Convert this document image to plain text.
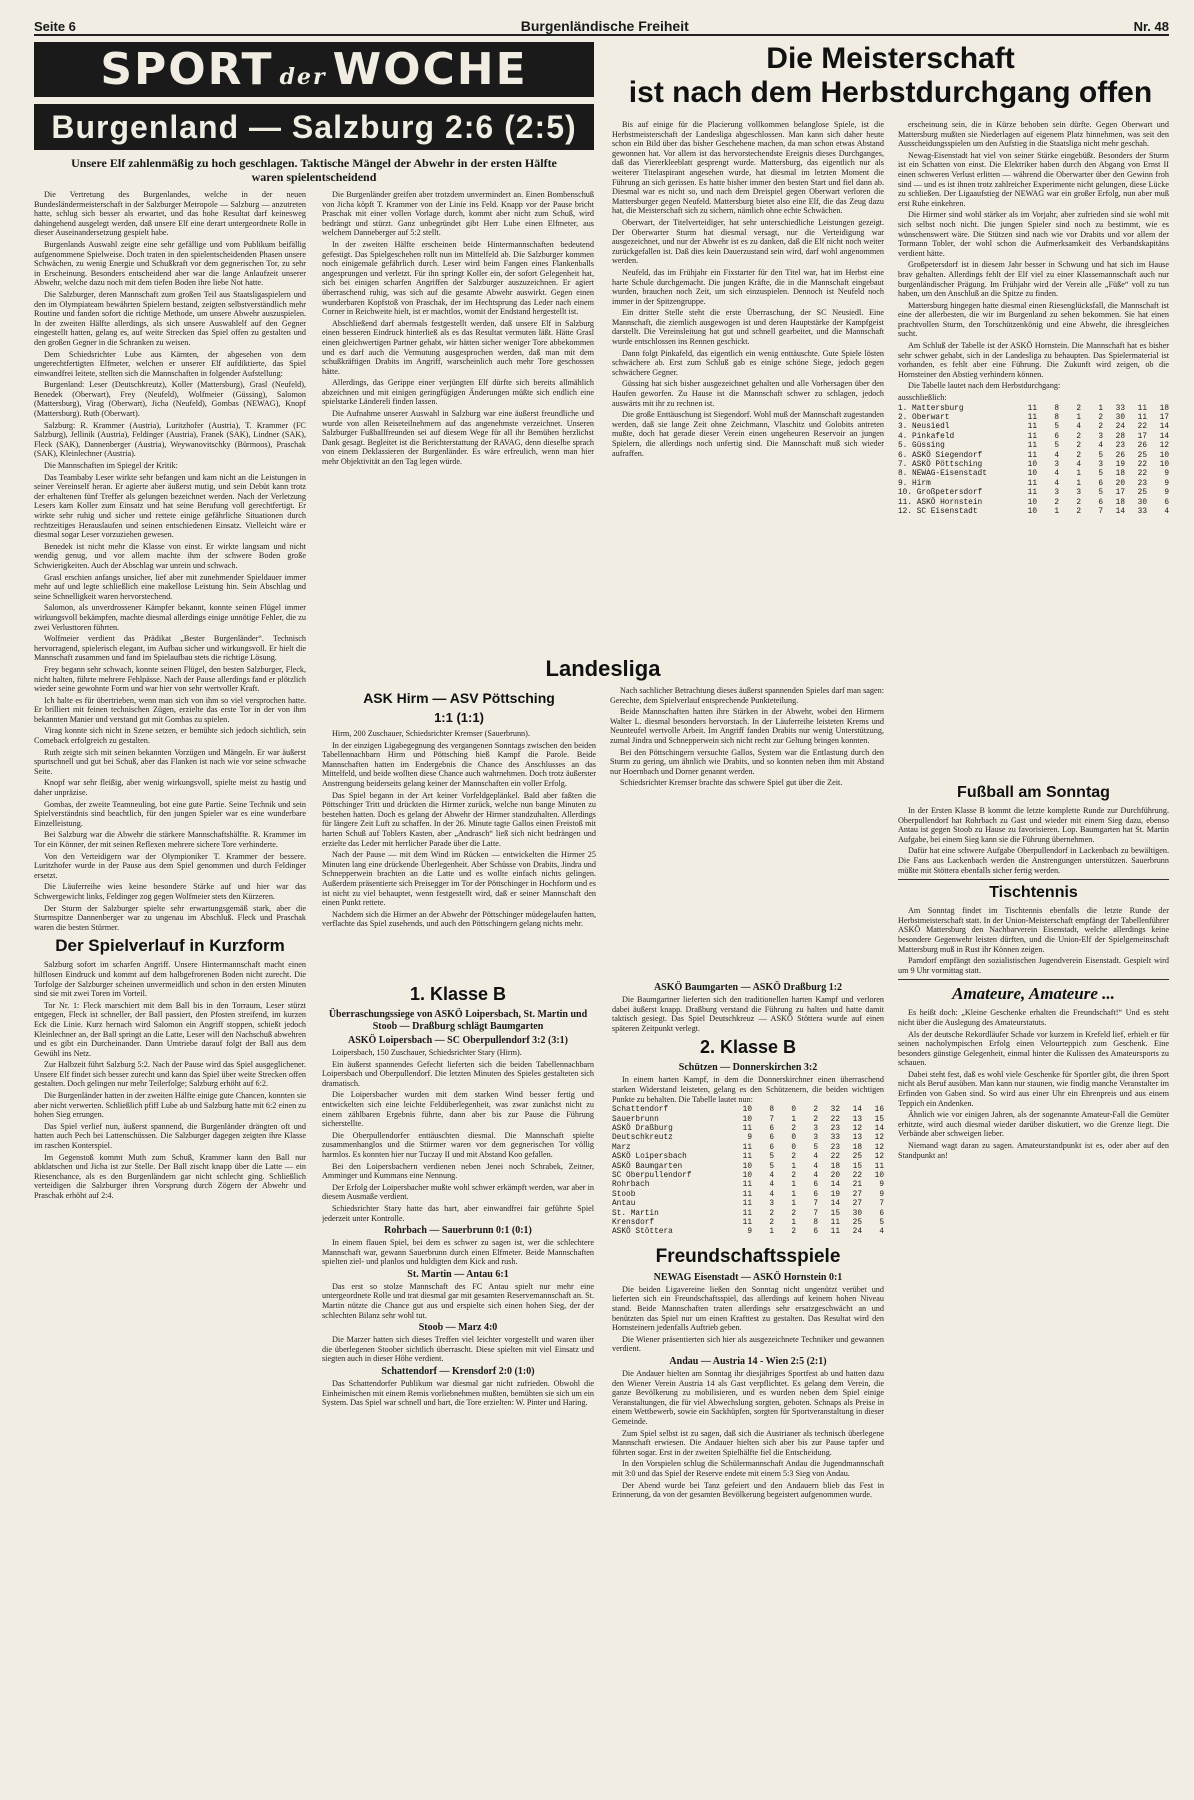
Seite 6	Burgenländische Freiheit	Nr. 48
SPORT der WOCHE	Die Meisterschaft
ist nach dem Herbstdurchgang offen
Burgenland — Salzburg 2:6 (2:5)
Unsere Elf zahlenmäßig zu hoch geschlagen. Taktische Mängel der Abwehr in der ersten Hälfte waren spielentscheidend

Die Vertretung des Burgenlandes, welche in der neuen Bundesländermeisterschaft in der Salzburger Metropole — Salzburg — anzutreten hatte, schlug sich besser als erwartet, und das hohe Resultat darf keinesweg dahingehend ausgelegt werden, daß unsere Elf eine derart untergeordnete Rolle in dieser Auseinandersetzung gespielt habe.

Burgenlands Auswahl zeigte eine sehr gefällige und vom Publikum beifällig aufgenommene Spielweise. Doch traten in den spielentscheidenden Phasen unsere Schwächen, zu wenig Energie und Schußkraft vor dem gegnerischen Tor, zu sehr in Erscheinung. Besonders entscheidend aber war die lange Anlaufzeit unserer Abwehr, welche dazu noch mit dem tiefen Boden ihre liebe Not hatte.

Die Salzburger, deren Mannschaft zum großen Teil aus Staatsligaspielern und den im Olympiateam bewährten Spielern bestand, zeigten selbstverständlich mehr Routine und fanden sofort die richtige Methode, um unsere Abwehr auszuspielen. In der zweiten Hälfte allerdings, als sich unsere Auswahlelf auf den Gegner eingestellt hatten, gelang es, auf weite Strecken das Spiel offen zu gestalten und den großen Gegner in die Schranken zu weisen.

Dem Schiedsrichter Lube aus Kärnten, der abgesehen von dem ungerechtfertigten Elfmeter, welchen er unserer Elf aufdiktierte, das Spiel einwandfrei leitete, stellten sich die Mannschaften in folgender Aufstellung:

Burgenland: Leser (Deutschkreutz), Koller (Mattersburg), Grasl (Neufeld), Benedek (Oberwart), Frey (Neufeld), Wolfmeier (Güssing), Salomon (Mattersburg), Virag (Oberwart), Jicha (Neufeld), Gombas (NEWAG), Knopf (Mattersburg). Ruth (Oberwart).

Salzburg: R. Krammer (Austria), Luritzhofer (Austria), T. Krammer (FC Salzburg), Jellinik (Austria), Feldinger (Austria), Franek (SAK), Lindner (SAK), Fleck (SAK), Dannenberger (Austria), Weywanovitschky (Bürmoos), Praschak (SAK), Kleinlechner (Austria).

Die Mannschaften im Spiegel der Kritik:

Das Teambaby Leser wirkte sehr befangen und kam nicht an die Leistungen in seiner Vereinself heran. Er agierte aber äußerst mutig, und sein Debüt kann trotz der erhaltenen fünf Treffer als gelungen bezeichnet werden. Nach der Verletzung Lesers kam Koller zum Einsatz und hat seine Berufung voll gerechtfertigt. Er wirkte sehr ruhig und sicher und rettete einige gefährliche Situationen durch rechtzeitiges Herauslaufen und seinen entschiedenen Einsatz. Vielleicht wäre er diesmal sogar Leser vorzuziehen gewesen.

Benedek ist nicht mehr die Klasse von einst. Er wirkte langsam und nicht wendig genug, und vor allem machte ihm der schwere Boden große Schwierigkeiten. Auch der Abschlag war unrein und schwach.

Grasl erschien anfangs unsicher, lief aber mit zunehmender Spieldauer immer mehr auf und legte schließlich eine makellose Leistung hin. Sein Abschlag und seine Schnelligkeit waren hervorstechend.

Salomon, als unverdrossener Kämpfer bekannt, konnte seinen Flügel immer wirkungsvoll bekämpfen, machte diesmal allerdings einige unnötige Fehler, die zu zwei Verlusttoren führten.

Wolfmeier verdient das Prädikat „Bester Burgenländer“. Technisch hervorragend, spielerisch elegant, im Aufbau sicher und wirkungsvoll. Er hielt die Mannschaft zusammen und fand im Spielaufbau stets die richtige Lösung.

Frey begann sehr schwach, konnte seinen Flügel, den besten Salzburger, Fleck, nicht halten, führte mehrere Fehlpässe. Nach der Pause allerdings fand er plötzlich wieder seine gewohnte Form und war hier von sehr wertvoller Kraft.

Ich halte es für übertrieben, wenn man sich von ihm so viel versprochen hatte. Er brilliert mit feinen technischen Zügen, erzielte das erste Tor in der von ihm bekannten Manier und verstand gut mit Gombas zu spielen.

Virag konnte sich nicht in Szene setzen, er bemühte sich jedoch sichtlich, sein Comeback erfolgreich zu gestalten.

Ruth zeigte sich mit seinen bekannten Vorzügen und Mängeln. Er war äußerst spurtschnell und gut bei Schuß, aber das Flanken ist nach wie vor seine schwache Seite.

Knopf war sehr fleißig, aber wenig wirkungsvoll, spielte meist zu hastig und daher unpräzise.

Gombas, der zweite Teamneuling, bot eine gute Partie. Seine Technik und sein Spielverständnis sind beachtlich, für den jungen Spieler war es eine wunderbare Einzelleistung.

Bei Salzburg war die Abwehr die stärkere Mannschaftshälfte. R. Krammer im Tor ein Könner, der mit seinen Reflexen mehrere sichere Tore verhinderte.

Von den Verteidigern war der Olympioniker T. Krammer der bessere. Luritzhofer wurde in der Pause aus dem Spiel genommen und durch Feldinger ersetzt.

Die Läuferreihe wies keine besondere Stärke auf und hier war das Schwergewicht links, Feldinger zog gegen Wolfmeier stets den Kürzeren.

Der Sturm der Salzburger spielte sehr erwartungsgemäß stark, aber die Sturmspitze Dannenberger war zu ungenau im Abschluß. Fleck und Praschak waren die besten Stürmer.

Der Spielverlauf in Kurzform

Salzburg sofort im scharfen Angriff. Unsere Hintermannschaft macht einen hilflosen Eindruck und kommt auf dem halbgefrorenen Boden nicht zurecht. Die Torfolge der Salzburger scheinen unvermeidlich und schon in den ersten Minuten sind sie mit zwei Toren im Vorteil.

Tor Nr. 1: Fleck marschiert mit dem Ball bis in den Torraum, Leser stürzt entgegen, Fleck ist schneller, der Ball passiert, den Pfosten streifend, im kurzen Eck die Linie. Kurz hernach wird Salomon ein Angriff stoppen, schießt jedoch Kleinlechner an, der Ball springt an die Latte, Leser will den Nachschuß abwehren und es gibt ein Durcheinander. Dann Umtriebe darauf folgt der Ball aus dem Gewühl ins Netz.

Zur Halbzeit führt Salzburg 5:2. Nach der Pause wird das Spiel ausgeglichener. Unsere Elf findet sich besser zurecht und kann das Spiel über weite Strecken offen gestalten. Doch gelingen nur mehr Teilerfolge; Salzburg erhöht auf 6:2.

Die Burgenländer hatten in der zweiten Hälfte einige gute Chancen, konnten sie aber nicht verwerten. Schließlich pfiff Lube ab und Salzburg hatte mit 6:2 einen zu hohen Sieg errungen.

Das Spiel verlief nun, äußerst spannend, die Burgenländer drängten oft und hatten auch Pech bei Lattenschüssen. Die Salzburger dagegen zeigten ihre Klasse im raschen Konterspiel.

Im Gegenstoß kommt Muth zum Schuß, Krammer kann den Ball nur abklatschen und Jicha ist zur Stelle. Der Ball zischt knapp über die Latte — ein Riesenchance, als es den Burgenländern gar nicht schlecht ging. Schließlich verteidigen die Salzburger ihren Vorsprung durch Zögern der Abwehr und Praschak erhöht auf 2:4.

Die Burgenländer greifen aber trotzdem unvermindert an. Einen Bombenschuß von Jicha köpft T. Krammer von der Linie ins Feld. Knapp vor der Pause bricht Praschak mit einer vollen Vorlage durch, kommt aber nicht zum Schuß, wird bedrängt und stürzt. Ganz unbegründet gibt Herr Lube einen Elfmeter, aus welchem Danneberger auf 5:2 stellt.

In der zweiten Hälfte erscheinen beide Hintermannschaften bedeutend gefestigt. Das Spielgeschehen rollt nun im Mittelfeld ab. Die Salzburger kommen noch einigemale gefährlich durch. Leser wird beim Fangen eines Flankenballs angesprungen und verletzt. Für ihn springt Koller ein, der sofort Gelegenheit hat, sich bei einigen scharfen Angriffen der Salzburger auszuzeichnen. Er agiert überraschend ruhig, was sich auf die gesamte Abwehr auswirkt. Gegen einen wunderbaren Kopfstoß von Praschak, der im Hechtsprung das Leder nach einem Corner in Reichweite hielt, ist er machtlos, womit der Endstand hergestellt ist.

Abschließend darf abermals festgestellt werden, daß unsere Elf in Salzburg einen besseren Eindruck hinterließ als es das Resultat vermuten läßt. Hätte Grasl einen gleichwertigen Partner gehabt, wir hätten sicher weniger Tore abbekommen und es darf auch die Vermutung ausgesprochen werden, daß man mit dem schußkräftigen Drabits im Angriff, warscheinlich auch mehr Tore geschossen hätte.

Allerdings, das Gerippe einer verjüngten Elf dürfte sich bereits allmählich abzeichnen und mit einigen geringfügigen Änderungen müßte sich endlich eine spielstarke Ländereli finden lassen.

Die Aufnahme unserer Auswahl in Salzburg war eine äußerst freundliche und wurde von allen Reiseteilnehmern auf das angenehmste verzeichnet. Unseren Salzburger Fußballfreunden sei auf diesem Wege für all ihr Bemühen herzlichst Dank gesagt. Begleitet ist die Berichterstattung der RAVAG, denn dieselbe sprach von einem Deklassieren der Burgenländer. Es wäre erfreulich, wenn man hier mehr Objektivität an den Tag legen würde.

Bis auf einige für die Placierung vollkommen belanglose Spiele, ist die Herbstmeisterschaft der Landesliga abgeschlossen. Man kann sich daher heute schon ein Bild über das bisher Geschehene machen, da man schon etwas Abstand gewonnen hat. Vor allem ist das hervorstechendste Ereignis dieses Durchganges, daß das Viererkleeblatt gesprengt wurde. Mattersburg, das eigentlich nur als weiterer Titelaspirant angesehen wurde, hat diesmal im letzten Moment die Führung an sich gerissen. Es hatte bisher immer den besten Start und fiel dann ab. Diesmal war es nicht so, und nach dem Dreispiel gegen Oberwart verloren die Mattersburger gegen Neufeld. Mattersburg bietet also eine Elf, die das Zeug dazu hat, die Meisterschaft sich zu sichern, nämlich ohne echte Schwächen.

Oberwart, der Titelverteidiger, hat sehr unterschiedliche Leistungen gezeigt. Der Oberwarter Sturm hat diesmal versagt, nur die Verteidigung war ausgezeichnet, und nur der Abwehr ist es zu danken, daß die Elf nicht noch weiter zurückgefallen ist. Daß dies kein Dauerzustand sein wird, darf wohl angenommen werden.

Neufeld, das im Frühjahr ein Fixstarter für den Titel war, hat im Herbst eine harte Schule durchgemacht. Die jungen Kräfte, die in die Mannschaft eingebaut wurden, brauchen noch Zeit, um sich einzuspielen. Dennoch ist Neufeld noch immer in der Spitzengruppe.

Ein dritter Stelle steht die erste Überraschung, der SC Neusiedl. Eine Mannschaft, die ziemlich ausgewogen ist und deren Hauptstärke der Kampfgeist darstellt. Die Vereinsleitung hat gut und schnell gearbeitet, und die Mannschaft wurde entschlossen ins Rennen geschickt.

Dann folgt Pinkafeld, das eigentlich ein wenig enttäuschte. Gute Spiele lösten schwächere ab. Erst zum Schluß gab es einige schöne Siege, jedoch gegen schwächere Gegner.

Güssing hat sich bisher ausgezeichnet gehalten und alle Vorhersagen über den Haufen geworfen. Zu Hause ist die Mannschaft schwer zu schlagen, jedoch auswärts mit ihr zu rechnen ist.

Die große Enttäuschung ist Siegendorf. Wohl muß der Mannschaft zugestanden werden, daß sie lange Zeit ohne Zeichmann, Vlaschitz und Golobits antreten mußte, doch hat gerade dieser Verein einen ungeheuren Reservoir an jungen Spielern, die allerdings noch unfertig sind. Die Mannschaft muß sich wieder aufraffen.

erscheinung sein, die in Kürze behoben sein dürfte. Gegen Oberwart und Mattersburg mußten sie Niederlagen auf eigenem Platz hinnehmen, was seit den Ausscheidungsspielen um den Aufstieg in die Staatsliga nicht mehr geschah.

Newag-Eisenstadt hat viel von seiner Stärke eingebüßt. Besonders der Sturm ist ein Schatten von einst. Die Elektriker haben durch den Abgang von Ernst II einen schweren Verlust erlitten — während die Oberwarter über den Gewinn froh sind — und es ist ihnen trotz zahlreicher Experimente nicht gelungen, diese Lücke zu schließen. Der Ligaaufstieg der NEWAG war ein großer Erfolg, nun aber muß erst Ruhe einkehren.

Die Hirmer sind wohl stärker als im Vorjahr, aber zufrieden sind sie wohl mit sich selbst noch nicht. Die jungen Spieler sind noch zu bestimmt, wie es wünschenswert wäre. Die Stützen sind nach wie vor Drabits und vor allem der Tormann Tobler, der wohl schon die Aufmerksamkeit des Verbandskapitäns verdient hätte.

Großpetersdorf ist in diesem Jahr besser in Schwung und hat sich im Hause brav gehalten. Allerdings fehlt der Elf viel zu einer Klassemannschaft auch nur burgenländischer Prägung. Im Frühjahr wird der Verein alle „Füße“ voll zu tun haben, um den Anschluß an die Spitze zu finden.

Mattersburg hingegen hatte diesmal einen Riesenglücksfall, die Mannschaft ist eine der allerbesten, die wir im Burgenland zu sehen bekommen. Sie hat einen prachtvollen Sturm, den Torschützenkönig und eine Abwehr, die ihresgleichen sucht.

Am Schluß der Tabelle ist der ASKÖ Hornstein. Die Mannschaft hat es bisher sehr schwer gehabt, sich in der Landesliga zu behaupten. Das Spielermaterial ist vorhanden, es fehlt aber eine Führung. Die Zukunft wird zeigen, ob die Hornsteiner den Abstieg verhindern können.

Die Tabelle lautet nach dem Herbstdurchgang:

ausschließlich:
1. Mattersburg	11	8	2	1	33	11	18
2. Oberwart	11	8	1	2	30	11	17
3. Neusiedl	11	5	4	2	24	22	14
4. Pinkafeld	11	6	2	3	28	17	14
5. Güssing	11	5	2	4	23	26	12
6. ASKÖ Siegendorf	11	4	2	5	26	25	10
7. ASKÖ Pöttsching	10	3	4	3	19	22	10
8. NEWAG-Eisenstadt	10	4	1	5	18	22	9
9. Hirm	11	4	1	6	20	23	9
10. Großpetersdorf	11	3	3	5	17	25	9
11. ASKÖ Hornstein	10	2	2	6	18	30	6
12. SC Eisenstadt	10	1	2	7	14	33	4
Fußball am Sonntag

In der Ersten Klasse B kommt die letzte komplette Runde zur Durchführung. Oberpullendorf hat Rohrbach zu Gast und wieder mit einem Sieg dazu, ebenso Antau ist gegen Stoob zu Hause zu favorisieren. Lop. Baumgarten hat St. Martin Aufgabe, bei einem Sieg kann sie die Führung übernehmen.

Dafür hat eine schwere Aufgabe Oberpullendorf in Lackenbach zu bewältigen. Die Fans aus Lackenbach werden die Anstrengungen unterstützen. Sauerbrunn müßte mit Stöttera ebenfalls sicher fertig werden.

Tischtennis

Am Sonntag findet im Tischtennis ebenfalls die letzte Runde der Herbstmeisterschaft statt. In der Union-Meisterschaft empfängt der Tabellenführer ASKÖ Mattersburg den Nachbarverein Eisenstadt, welche allerdings keine besondere Gegenwehr leisten dürften, und die Union-Elf der Spielgemeinschaft Mattersburg muß in Rust ihr Können zeigen.

Parndorf empfängt den sozialistischen Jugendverein Eisenstadt. Gespielt wird um 9 Uhr vormittag statt.

Amateure, Amateure ...

Es heißt doch: „Kleine Geschenke erhalten die Freundschaft!“ Und es steht nicht über die Auslegung des Amateurstatuts.

Als der deutsche Rekordläufer Schade vor kurzem in Krefeld lief, erhielt er für seinen nacholympischen Erfolg einen Velourteppich zum Geschenk. Eine besonders günstige Gelegenheit, einmal hinter die Kulissen des Amateursports zu schauen.

Dabei steht fest, daß es wohl viele Geschenke für Sportler gibt, die ihren Sport nicht als Beruf ausüben. Man kann nur staunen, wie findig manche Veranstalter im Erfinden von Gaben sind. So wird aus einer Uhr ein Ehrenpreis und aus einem Teppich ein Andenken.

Ähnlich wie vor einigen Jahren, als der sogenannte Amateur-Fall die Gemüter erhitzte, wird auch diesmal wieder darüber diskutiert, wo die Grenze liegt. Die Verbände aber schweigen lieber.

Niemand wagt daran zu sagen. Amateurstandpunkt ist es, oder aber auf den Standpunkt an!

Landesliga
ASK Hirm — ASV Pöttsching
1:1 (1:1)

Hirm, 200 Zuschauer, Schiedsrichter Kremser (Sauerbrunn).

In der einzigen Ligabegegnung des vergangenen Sonntags zwischen den beiden Tabellennachbarn Hirm und Pöttsching hieß Kampf die Parole. Beide Mannschaften hatten im Endergebnis die Chance des Anschlusses an das Mittelfeld, und beide wollten diese Chance auch wahrnehmen. Doch trotz äußerster Anstrengung beiderseits gelang keiner der Mannschaften ein voller Erfolg.

Das Spiel begann in der Art keiner Vorfeldgeplänkel. Bald aber faßten die Pöttschinger Tritt und drückten die Hirmer zurück, welche nun bange Minuten zu bestehen hatten. Doch es gelang der Abwehr der Hirmer standzuhalten. Allerdings für längere Zeit Luft zu schaffen. In der 26. Minute tagte Gallos einen Freistoß mit harten Schuß auf Toblers Kasten, aber „Andrasch“ ließ sich nicht bedrängen und erzielte das Leder mit herrlicher Parade über die Latte.

Nach der Pause — mit dem Wind im Rücken — entwickelten die Hirmer 25 Minuten lang eine drückende Überlegenheit. Aber Schüsse von Drabits, Jindra und Schnepperwein brachten an die Latte und es wollte einfach nichts gelingen. Außerdem präsentierte sich Preisegger im Tor der Pöttschinger in Hochform und es ist nicht zu viel behauptet, wenn festgestellt wird, daß er seiner Mannschaft den einen Punkt rettete.

Nachdem sich die Hirmer an der Abwehr der Pöttschinger müdegelaufen hatten, verflachte das Spiel zusehends, und auch den Pöttschingern gelang nichts mehr.

Nach sachlicher Betrachtung dieses äußerst spannenden Spieles darf man sagen: Gerechte, dem Spielverlauf entsprechende Punkteteilung.

Beide Mannschaften hatten ihre Stärken in der Abwehr, wobei den Hirmern Walter L. diesmal besonders hervorstach. In der Läuferreihe leisteten Krems und Neunteufel wertvolle Arbeit. Im Angriff fanden Drabits nur wenig Unterstützung, zumal Jindra und Schnepperwein sich nicht recht zur Geltung bringen konnten.

Bei den Pöttschingern versuchte Gallos, System war die Entlastung durch den Sturm zu gering, um ähnlich wie Drabits, und so konnten neben ihm mit Abstand nur Hoernbach und Dorner genannt werden.

Schiedsrichter Kremser brachte das schwere Spiel gut über die Zeit.

1. Klasse B
Überraschungssiege von ASKÖ Loipersbach, St. Martin und Stoob — Draßburg schlägt Baumgarten
ASKÖ Loipersbach — SC Oberpullendorf 3:2 (3:1)

Loipersbach, 150 Zuschauer, Schiedsrichter Stary (Hirm).

Ein äußerst spannendes Gefecht lieferten sich die beiden Tabellennachbarn Loipersbach und Oberpullendorf. Die letzten Minuten des Spieles gestalteten sich dramatisch.

Die Loipersbacher wurden mit dem starken Wind besser fertig und entwickelten sich eine leichte Feldüberlegenheit, was zwar zunächst nicht zu einem zählbaren Ergebnis führte, dann aber bis zur Pause die Führung sicherstellte.

Die Oberpullendorfer enttäuschten diesmal. Die Mannschaft spielte zusammenhanglos und die Stürmer waren vor dem gegnerischen Tor völlig harmlos. Es konnten hier nur Tuczay II und mit Abstand Koo gefallen.

Bei den Loipersbachern verdienen neben Jenei noch Schrabek, Zeitner, Amminger und Kummans eine Nennung.

Der Erfolg der Loipersbacher mußte wohl schwer erkämpft werden, war aber in diesem Ausmaße verdient.

Schiedsrichter Stary hatte das hart, aber einwandfrei fair geführte Spiel jederzeit unter Kontrolle.

Rohrbach — Sauerbrunn 0:1 (0:1)

In einem flauen Spiel, bei dem es schwer zu sagen ist, wer die schlechtere Mannschaft war, gewann Sauerbrunn durch einen Elfmeter. Beide Mannschaften spielten ziel- und planlos und huldigten dem Kick and rush.

St. Martin — Antau 6:1

Das erst so stolze Mannschaft des FC Antau spielt nur mehr eine untergeordnete Rolle und trat diesmal gar mit gesamten Reservemannschaft an. St. Martin nützte die Chance gut aus und erspielte sich einen hohen Sieg, der der schlechten Bilanz sehr wohl tut.

Stoob — Marz 4:0

Die Marzer hatten sich dieses Treffen viel leichter vorgestellt und waren über die überlegenen Stoober sichtlich überrascht. Diese spielten mit viel Einsatz und siegten auch in dieser Höhe verdient.

Schattendorf — Krensdorf 2:0 (1:0)

Das Schattendorfer Publikum war diesmal gar nicht zufrieden. Obwohl die Einheimischen mit einem Remis vorliebnehmen mußten, bemühten sie sich um ein System. Das Spiel war schnell und hart, die Tore erzielten: W. Pinter und Haring.

ASKÖ Baumgarten — ASKÖ Draßburg 1:2

Die Baumgartner lieferten sich den traditionellen harten Kampf und verloren dabei äußerst knapp. Draßburg verstand die Führung zu halten und hatte damit taktisch gesiegt. Das Spiel Deutschkreuz — ASKÖ Stöttera wurde auf einen späteren Zeitpunkt verlegt.

2. Klasse B
Schützen — Donnerskirchen 3:2

In einem harten Kampf, in dem die Donnerskirchner einen überraschend starken Widerstand leisteten, gelang es den Schützenern, die beiden wichtigen Punkte zu behalten. Die Tabelle lautet nun:

Schattendorf	10	8	0	2	32	14	16
Sauerbrunn	10	7	1	2	22	13	15
ASKÖ Draßburg	11	6	2	3	23	12	14
Deutschkreutz	9	6	0	3	33	13	12
Marz	11	6	0	5	23	18	12
ASKÖ Loipersbach	11	5	2	4	22	25	12
ASKÖ Baumgarten	10	5	1	4	18	15	11
SC Oberpullendorf	10	4	2	4	20	22	10
Rohrbach	11	4	1	6	14	21	9
Stoob	11	4	1	6	19	27	9
Antau	11	3	1	7	14	27	7
St. Martin	11	2	2	7	15	30	6
Krensdorf	11	2	1	8	11	25	5
ASKÖ Stöttera	9	1	2	6	11	24	4
Freundschaftsspiele
NEWAG Eisenstadt — ASKÖ Hornstein 0:1

Die beiden Ligavereine ließen den Sonntag nicht ungenützt verübet und lieferten sich ein Freundschaftsspiel, das allerdings auf keinem hohen Niveau stand. Beide Mannschaften traten allerdings sehr ersatzgeschwächt an und benützten das Spiel nur um einen Krafttest zu gestalten. Das Resultat wird den Hornsteinern jedenfalls Auftrieb geben.

Die Wiener präsentierten sich hier als ausgezeichnete Techniker und gewannen verdient.

Andau — Austria 14 - Wien 2:5 (2:1)

Die Andauer hielten am Sonntag ihr diesjähriges Sportfest ab und hatten dazu den Wiener Verein Austria 14 als Gast verpflichtet. Es gelang dem Verein, die ganze Bevölkerung zu mobilisieren, und es wurden neben dem Spiel einige Veranstaltungen, die für viel Abwechslung sorgten, geboten. Schnaps als Preise in einem Wettbewerb, sowie ein Sackhüpfen, sorgten für Sportveranstaltung in dieser Gemeinde.

Zum Spiel selbst ist zu sagen, daß sich die Austrianer als technisch überlegene Mannschaft erwiesen. Die Andauer hielten sich aber bis zur Pause tapfer und führten sogar. Erst in der zweiten Spielhälfte fiel die Entscheidung.

In den Vorspielen schlug die Schülermannschaft Andau die Jugendmannschaft mit 3:0 und das Spiel der Reserve endete mit einem 5:3 Sieg von Andau.

Der Abend wurde bei Tanz gefeiert und den Andauern blieb das Fest in Erinnerung, da von der gesamten Bevölkerung begeistert aufgenommen wurde.
